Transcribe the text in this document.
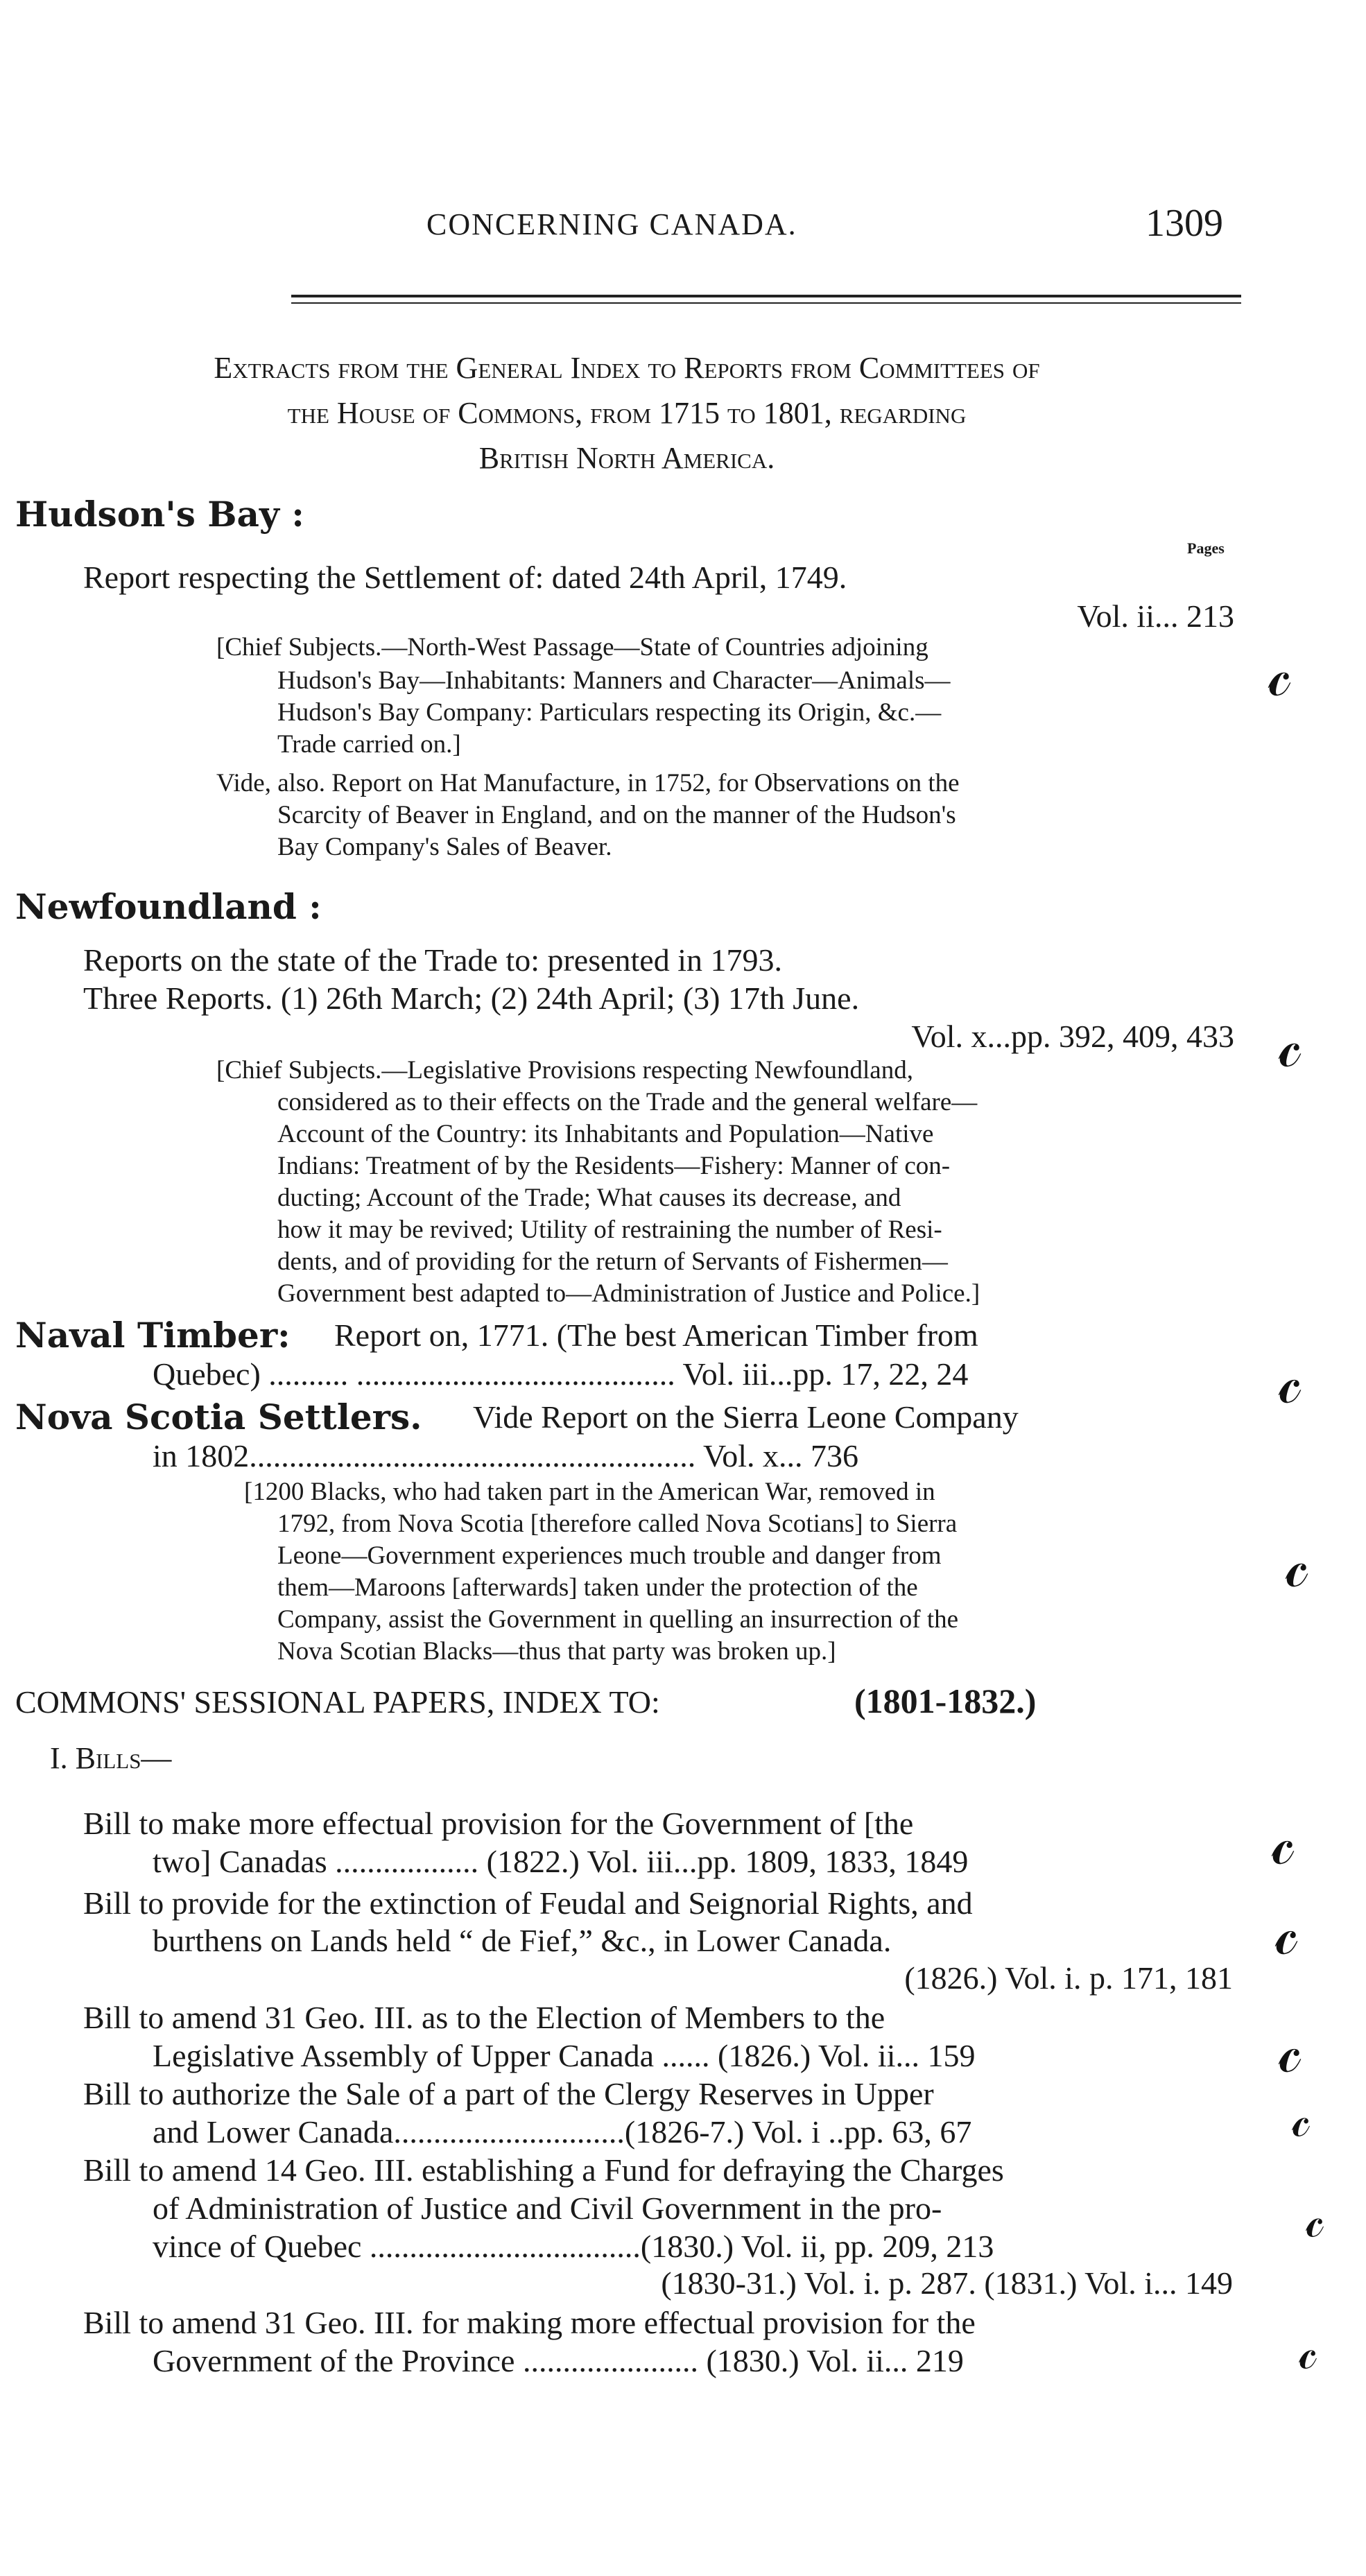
CONCERNING CANADA.	1309
Extracts from the General Index to Reports from Committees of
the House of Commons, from 1715 to 1801, regarding
British North America.
Hudson's Bay :
Pages
Report respecting the Settlement of: dated 24th April, 1749.
Vol. ii... 213
[Chief Subjects.—North-West Passage—State of Countries adjoining
Hudson's Bay—Inhabitants: Manners and Character—Animals—
Hudson's Bay Company: Particulars respecting its Origin, &c.—
Trade carried on.]
Vide, also. Report on Hat Manufacture, in 1752, for Observations on the
Scarcity of Beaver in England, and on the manner of the Hudson's
Bay Company's Sales of Beaver.
Newfoundland :
Reports on the state of the Trade to: presented in 1793.
Three Reports. (1) 26th March; (2) 24th April; (3) 17th June.
Vol. x...pp. 392, 409, 433
[Chief Subjects.—Legislative Provisions respecting Newfoundland,
considered as to their effects on the Trade and the general welfare—
Account of the Country: its Inhabitants and Population—Native
Indians: Treatment of by the Residents—Fishery: Manner of con-
ducting; Account of the Trade; What causes its decrease, and
how it may be revived; Utility of restraining the number of Resi-
dents, and of providing for the return of Servants of Fishermen—
Government best adapted to—Administration of Justice and Police.]
Naval Timber: Report on, 1771. (The best American Timber from
Quebec) .......... ........................................ Vol. iii...pp. 17, 22, 24
Nova Scotia Settlers. Vide Report on the Sierra Leone Company
in 1802........................................................ Vol. x... 736
[1200 Blacks, who had taken part in the American War, removed in
1792, from Nova Scotia [therefore called Nova Scotians] to Sierra
Leone—Government experiences much trouble and danger from
them—Maroons [afterwards] taken under the protection of the
Company, assist the Government in quelling an insurrection of the
Nova Scotian Blacks—thus that party was broken up.]
COMMONS' SESSIONAL PAPERS, INDEX TO:	(1801-1832.)
I. Bills—
Bill to make more effectual provision for the Government of [the
two] Canadas .................. (1822.) Vol. iii...pp. 1809, 1833, 1849
Bill to provide for the extinction of Feudal and Seignorial Rights, and
burthens on Lands held “ de Fief,” &c., in Lower Canada.
(1826.) Vol. i. p. 171, 181
Bill to amend 31 Geo. III. as to the Election of Members to the
Legislative Assembly of Upper Canada ...... (1826.) Vol. ii... 159
Bill to authorize the Sale of a part of the Clergy Reserves in Upper
and Lower Canada.............................(1826-7.) Vol. i ..pp. 63, 67
Bill to amend 14 Geo. III. establishing a Fund for defraying the Charges
of Administration of Justice and Civil Government in the pro-
vince of Quebec ..................................(1830.) Vol. ii, pp. 209, 213
(1830-31.) Vol. i. p. 287. (1831.) Vol. i... 149
Bill to amend 31 Geo. III. for making more effectual provision for the
Government of the Province ...................... (1830.) Vol. ii... 219
𝒸
𝒸
𝒸
𝒸
𝒸
𝒸
𝒸
𝒸
𝒸
𝒸
